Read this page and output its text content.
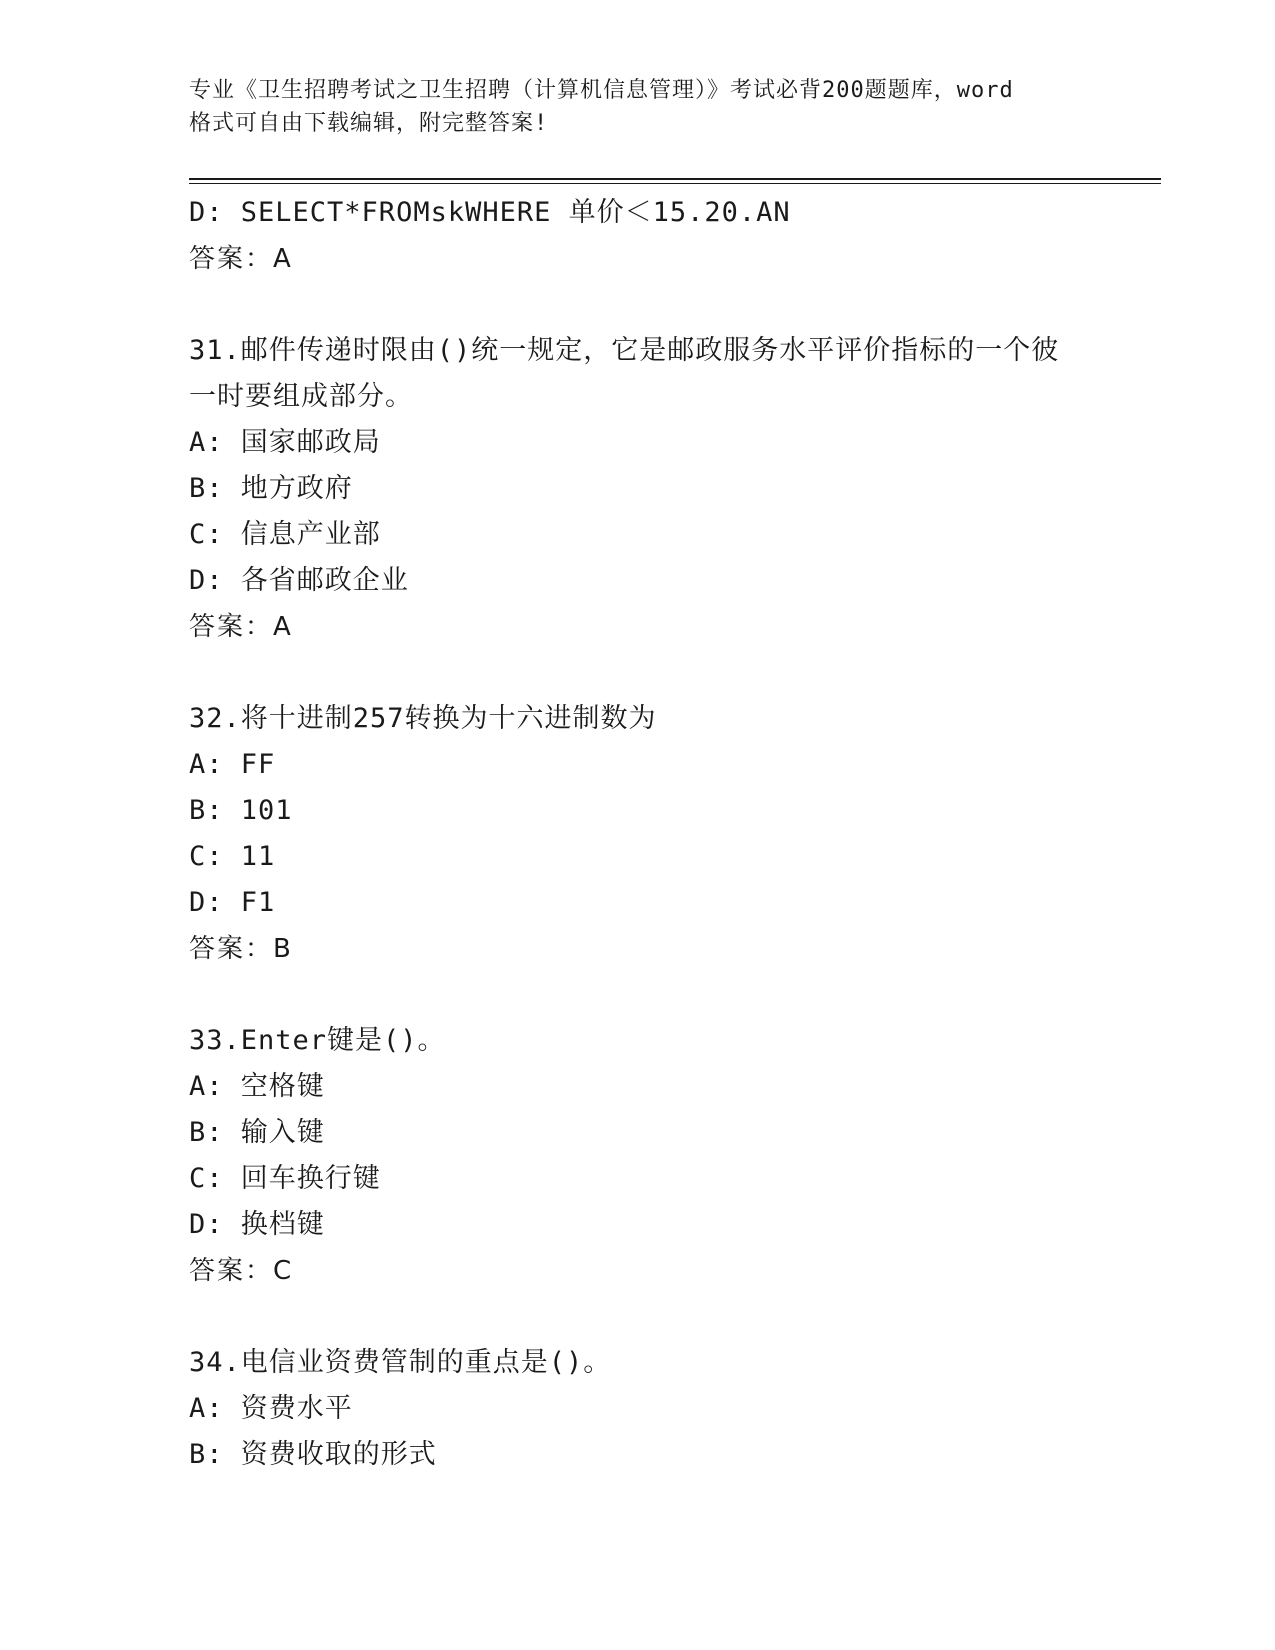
专业《卫生招聘考试之卫生招聘（计算机信息管理）》考试必背200题题库，word
格式可自由下载编辑，附完整答案!
D: SELECT*FROMskWHERE 单价＜15.20.AN
答案：A
31.邮件传递时限由()统一规定，它是邮政服务水平评价指标的一个彼
一时要组成部分。
A: 国家邮政局
B: 地方政府
C: 信息产业部
D: 各省邮政企业
答案：A
32.将十进制257转换为十六进制数为
A: FF
B: 101
C: 11
D: F1
答案：B
33.Enter键是()。
A: 空格键
B: 输入键
C: 回车换行键
D: 换档键
答案：C
34.电信业资费管制的重点是()。
A: 资费水平
B: 资费收取的形式
